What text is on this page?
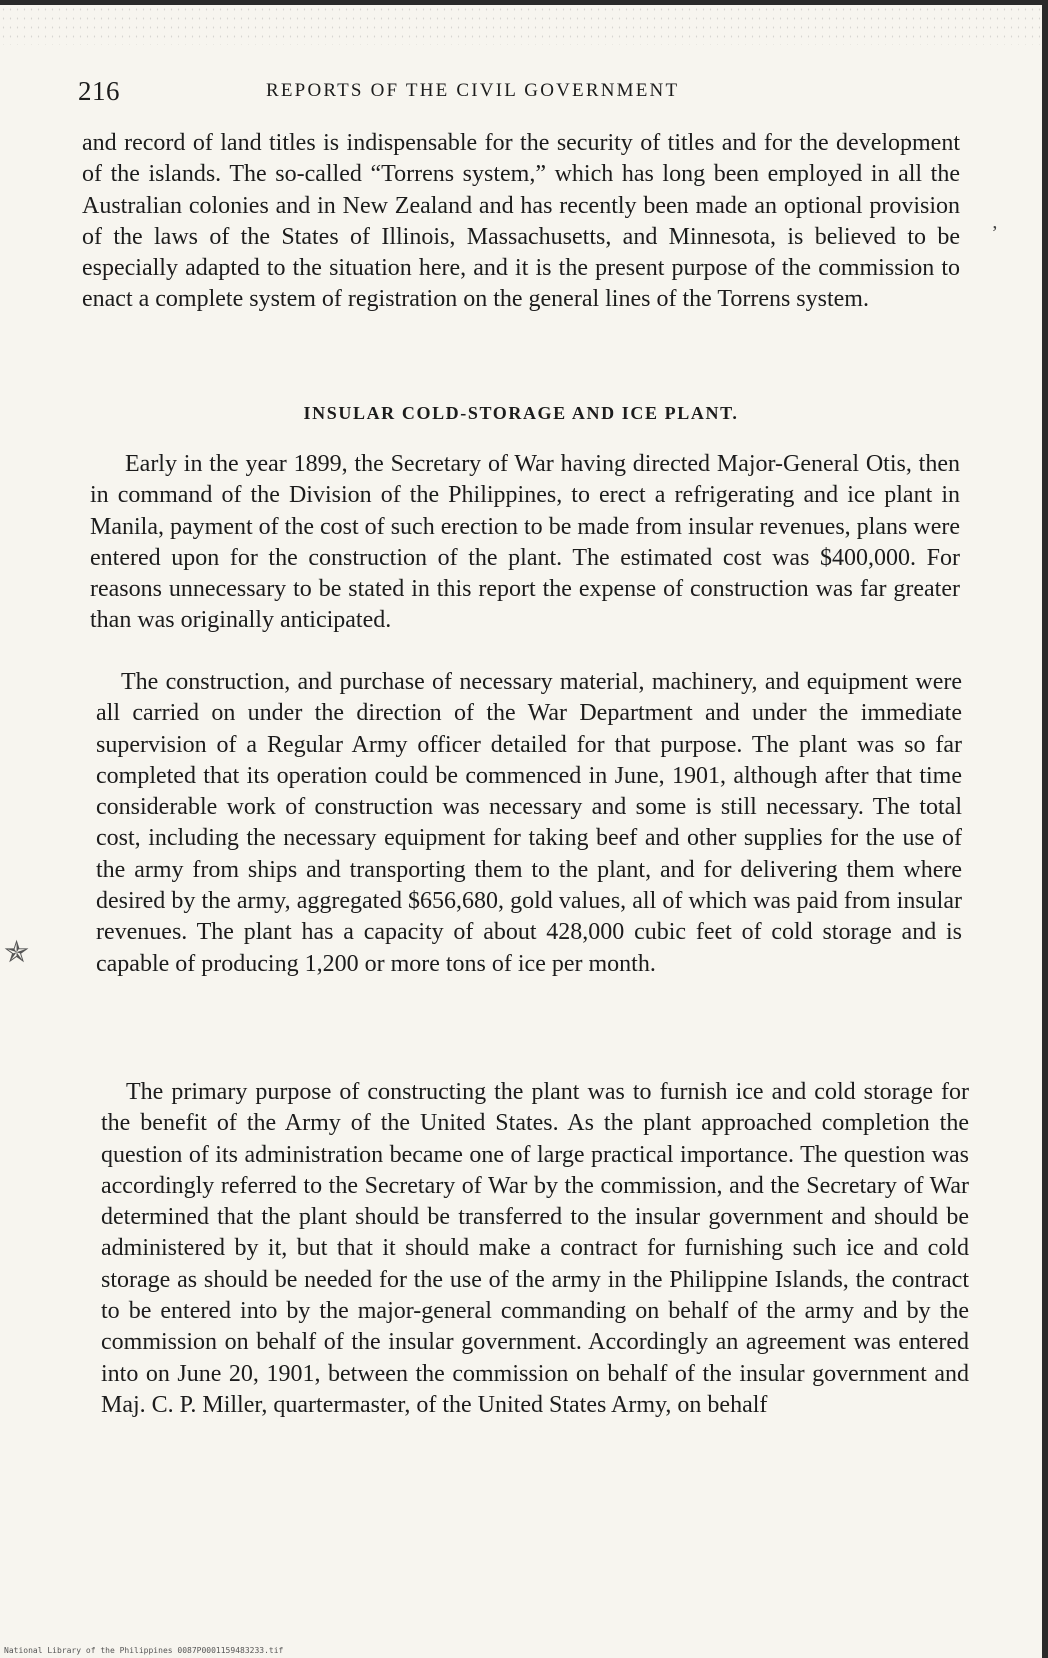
216	REPORTS OF THE CIVIL GOVERNMENT

and record of land titles is indispensable for the security of titles and for the development of the islands. The so-called “Torrens system,” which has long been employed in all the Australian colonies and in New Zealand and has recently been made an optional provision of the laws of the States of Illinois, Massachusetts, and Minnesota, is believed to be especially adapted to the situation here, and it is the present purpose of the commission to enact a complete system of registration on the general lines of the Torrens system.

INSULAR COLD-STORAGE AND ICE PLANT.

Early in the year 1899, the Secretary of War having directed Major-General Otis, then in command of the Division of the Philippines, to erect a refrigerating and ice plant in Manila, payment of the cost of such erection to be made from insular revenues, plans were entered upon for the construction of the plant. The estimated cost was $400,000. For reasons unnecessary to be stated in this report the expense of construction was far greater than was originally anticipated.

The construction, and purchase of necessary material, machinery, and equipment were all carried on under the direction of the War Department and under the immediate supervision of a Regular Army officer detailed for that purpose. The plant was so far completed that its operation could be commenced in June, 1901, although after that time considerable work of construction was necessary and some is still necessary. The total cost, including the necessary equipment for taking beef and other supplies for the use of the army from ships and transporting them to the plant, and for delivering them where desired by the army, aggregated $656,680, gold values, all of which was paid from insular revenues. The plant has a capacity of about 428,000 cubic feet of cold storage and is capable of producing 1,200 or more tons of ice per month.

The primary purpose of constructing the plant was to furnish ice and cold storage for the benefit of the Army of the United States. As the plant approached completion the question of its administration became one of large practical importance. The question was accordingly referred to the Secretary of War by the commission, and the Secretary of War determined that the plant should be transferred to the insular government and should be administered by it, but that it should make a contract for furnishing such ice and cold storage as should be needed for the use of the army in the Philippine Islands, the contract to be entered into by the major-general commanding on behalf of the army and by the commission on behalf of the insular government. Accordingly an agreement was entered into on June 20, 1901, between the commission on behalf of the insular government and Maj. C. P. Miller, quartermaster, of the United States Army, on behalf

✯
’
National Library of the Philippines 0087P0001159483233.tif
